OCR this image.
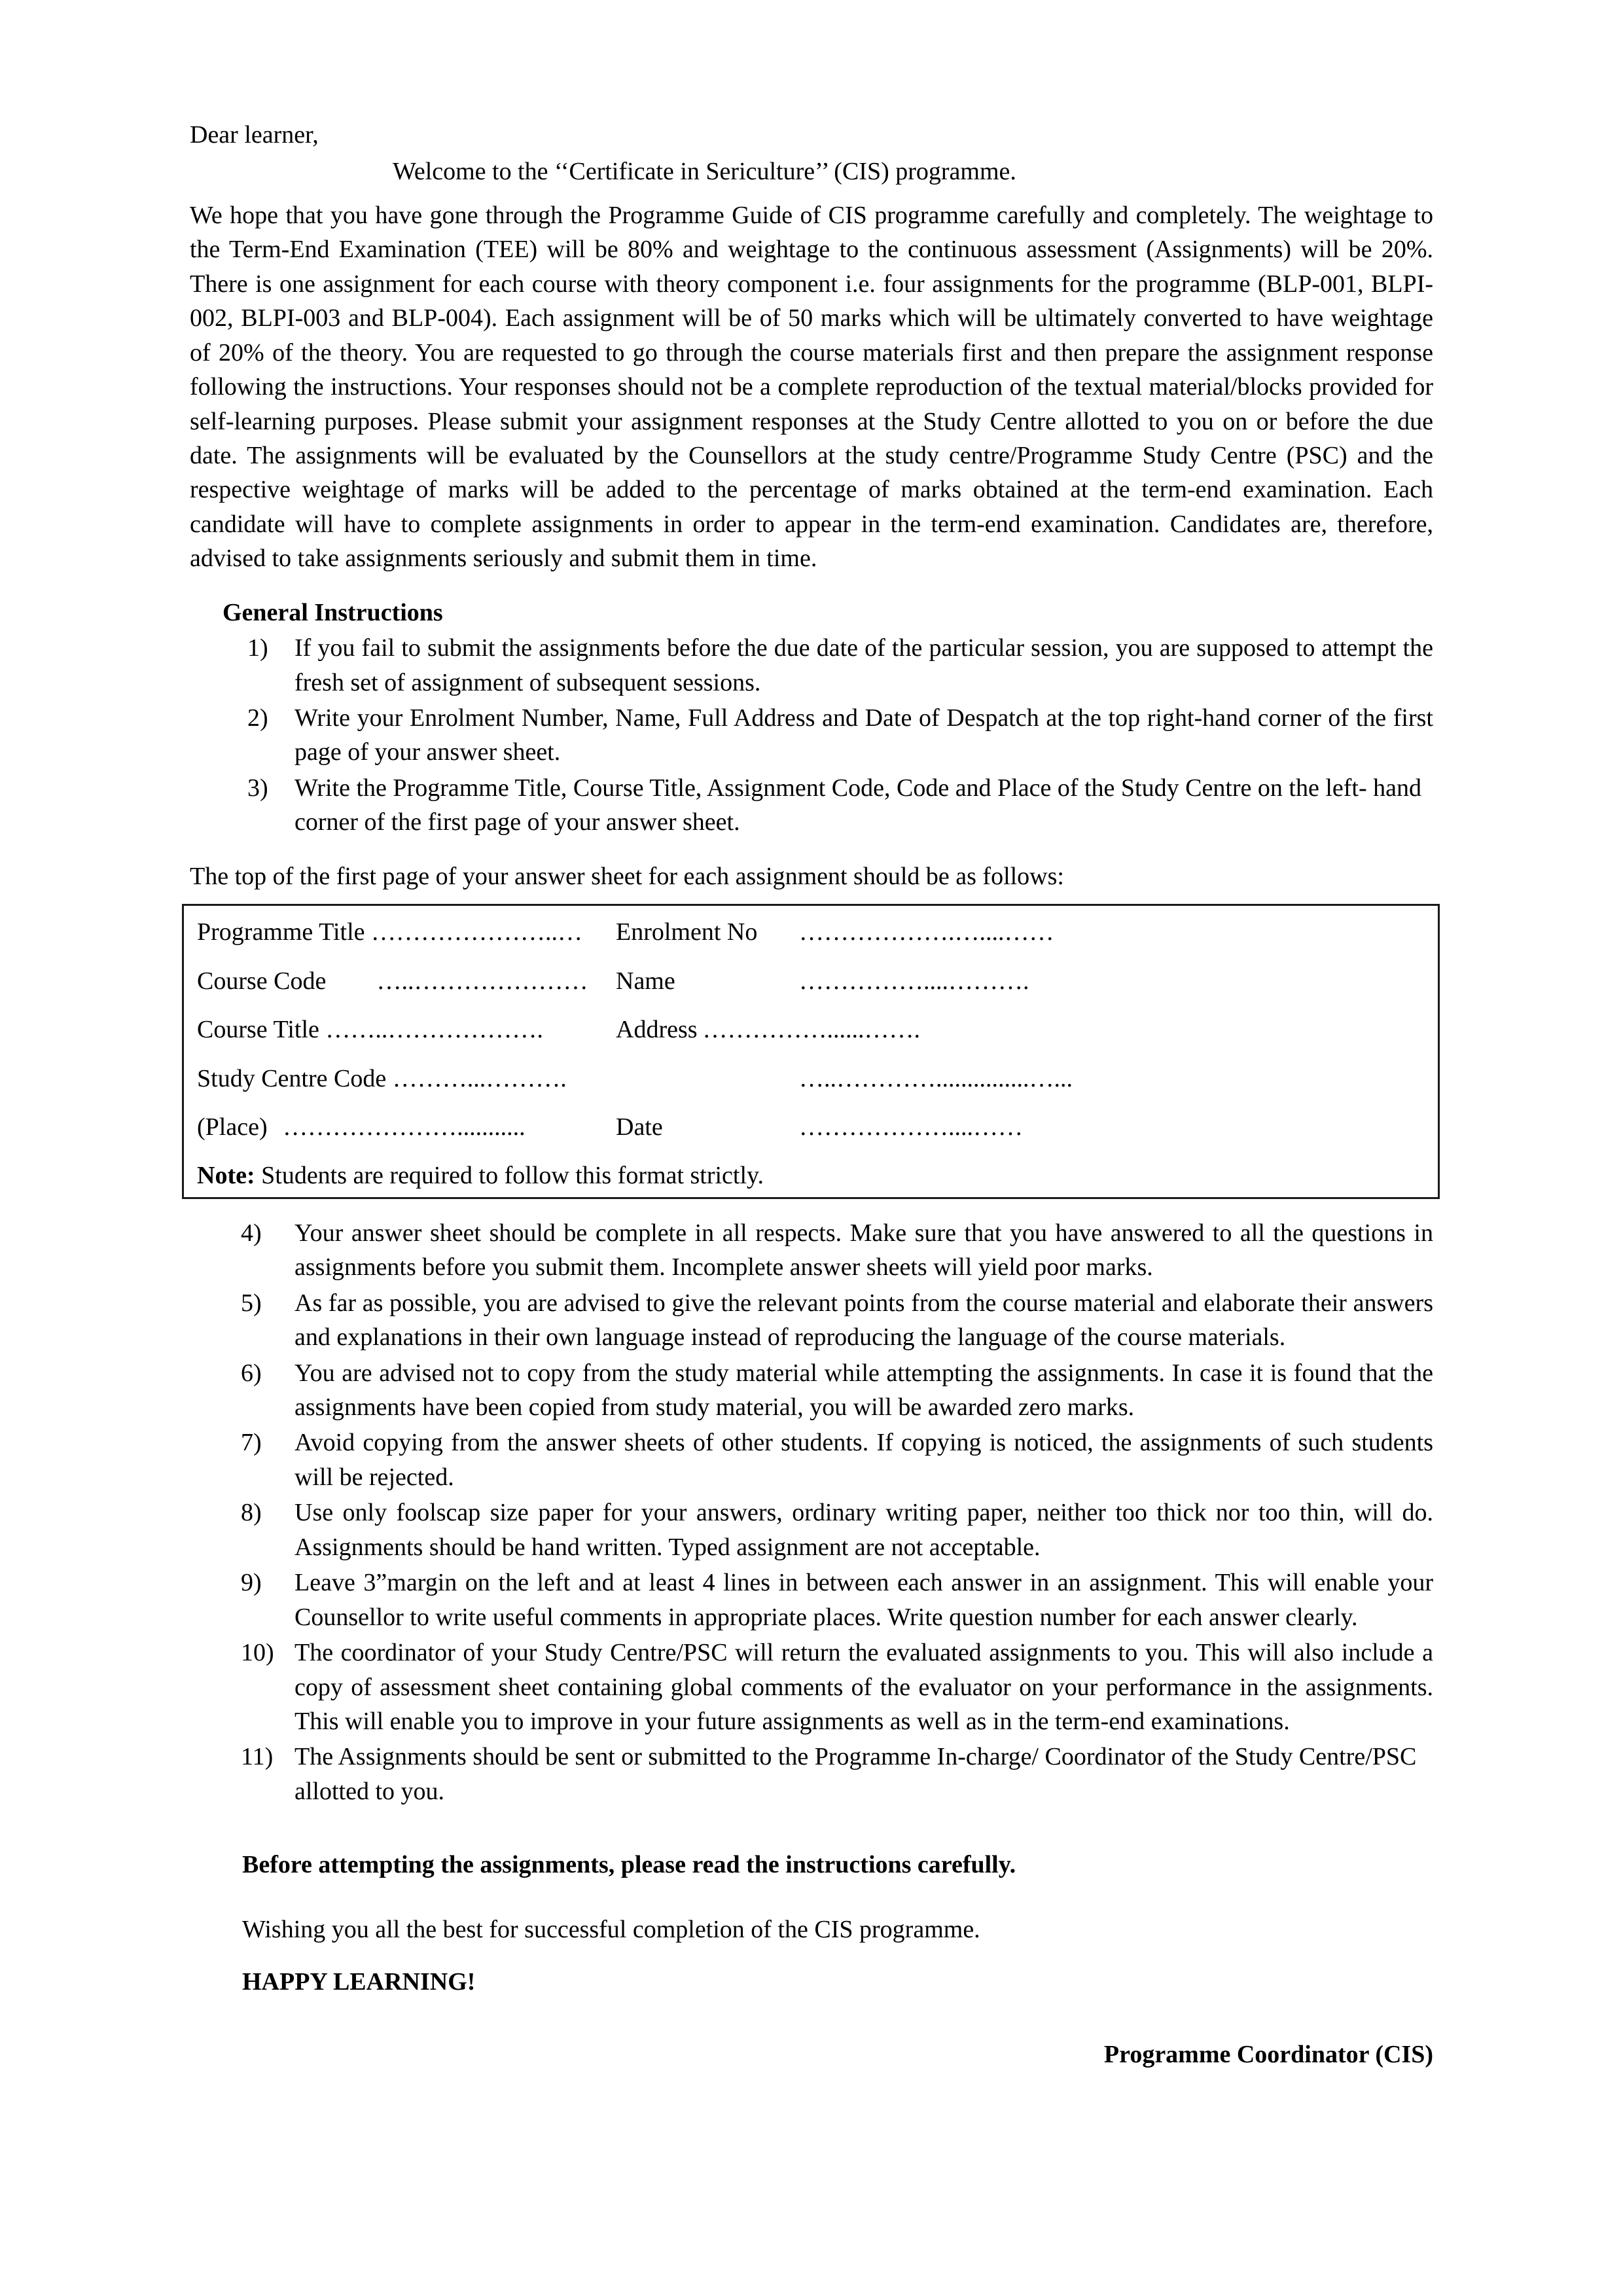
Dear learner,
Welcome to the ‘‘Certificate in Sericulture’’ (CIS) programme.

We hope that you have gone through the Programme Guide of CIS programme carefully and completely. The weightage to the Term-End Examination (TEE) will be 80% and weightage to the continuous assessment (Assignments) will be 20%. There is one assignment for each course with theory component i.e. four assignments for the programme (BLP-001, BLPI-002, BLPI-003 and BLP-004). Each assignment will be of 50 marks which will be ultimately converted to have weightage of 20% of the theory. You are requested to go through the course materials first and then prepare the assignment response following the instructions. Your responses should not be a complete reproduction of the textual material/blocks provided for self-learning purposes. Please submit your assignment responses at the Study Centre allotted to you on or before the due date. The assignments will be evaluated by the Counsellors at the study centre/Programme Study Centre (PSC) and the respective weightage of marks will be added to the percentage of marks obtained at the term-end examination. Each candidate will have to complete assignments in order to appear in the term-end examination. Candidates are, therefore, advised to take assignments seriously and submit them in time.

General Instructions
1)	If you fail to submit the assignments before the due date of the particular session, you are supposed to attempt the fresh set of assignment of subsequent sessions.
2)	Write your Enrolment Number, Name, Full Address and Date of Despatch at the top right-hand corner of the first page of your answer sheet.
3)	Write the Programme Title, Course Title, Assignment Code, Code and Place of the Study Centre on the left- hand corner of the first page of your answer sheet.
The top of the first page of your answer sheet for each assignment should be as follows:
Programme Title …………………..…	Enrolment No	……………….…....……
Course Code …..…………………	Name	……………....……….
Course Title ……..……………….	Address ……………......…….
Study Centre Code ………...……….	…..…………...............…...
(Place) …………………...........	Date	………………....……
Note: Students are required to follow this format strictly.
4)	Your answer sheet should be complete in all respects. Make sure that you have answered to all the questions in assignments before you submit them. Incomplete answer sheets will yield poor marks.
5)	As far as possible, you are advised to give the relevant points from the course material and elaborate their answers and explanations in their own language instead of reproducing the language of the course materials.
6)	You are advised not to copy from the study material while attempting the assignments. In case it is found that the assignments have been copied from study material, you will be awarded zero marks.
7)	Avoid copying from the answer sheets of other students. If copying is noticed, the assignments of such students will be rejected.
8)	Use only foolscap size paper for your answers, ordinary writing paper, neither too thick nor too thin, will do. Assignments should be hand written. Typed assignment are not acceptable.
9)	Leave 3”margin on the left and at least 4 lines in between each answer in an assignment. This will enable your Counsellor to write useful comments in appropriate places. Write question number for each answer clearly.
10) The coordinator of your Study Centre/PSC will return the evaluated assignments to you. This will also include a copy of assessment sheet containing global comments of the evaluator on your performance in the assignments. This will enable you to improve in your future assignments as well as in the term-end examinations.
11) The Assignments should be sent or submitted to the Programme In-charge/ Coordinator of the Study Centre/PSC allotted to you.
Before attempting the assignments, please read the instructions carefully.
Wishing you all the best for successful completion of the CIS programme.
HAPPY LEARNING!
Programme Coordinator (CIS)
